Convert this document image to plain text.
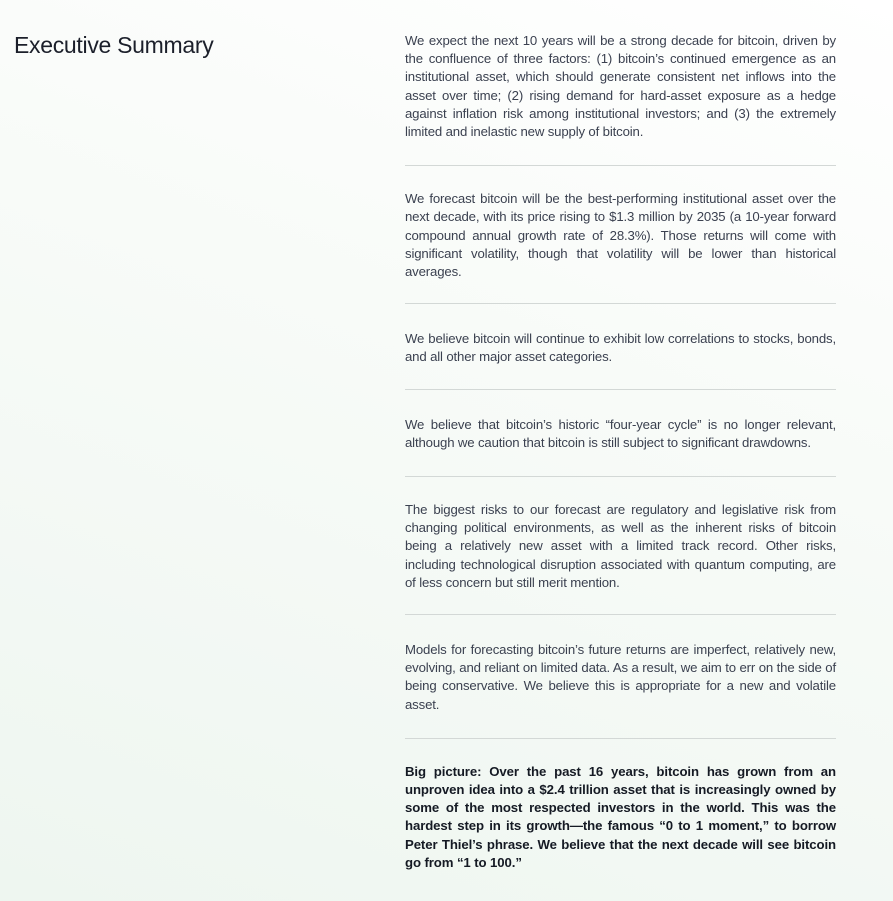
Executive Summary	We expect the next 10 years will be a strong decade for bitcoin, driven by the confluence of three factors: (1) bitcoin’s continued emergence as an institutional asset, which should generate consistent net inflows into the asset over time; (2) rising demand for hard-asset exposure as a hedge against inflation risk among institutional investors; and (3) the extremely limited and inelastic new supply of bitcoin.

We forecast bitcoin will be the best-performing institutional asset over the next decade, with its price rising to $1.3 million by 2035 (a 10-year forward compound annual growth rate of 28.3%). Those returns will come with significant volatility, though that volatility will be lower than historical averages.

We believe bitcoin will continue to exhibit low correlations to stocks, bonds, and all other major asset categories.

We believe that bitcoin’s historic “four-year cycle” is no longer relevant, although we caution that bitcoin is still subject to significant drawdowns.

The biggest risks to our forecast are regulatory and legislative risk from changing political environments, as well as the inherent risks of bitcoin being a relatively new asset with a limited track record. Other risks, including technological disruption associated with quantum computing, are of less concern but still merit mention.

Models for forecasting bitcoin’s future returns are imperfect, relatively new, evolving, and reliant on limited data. As a result, we aim to err on the side of being conservative. We believe this is appropriate for a new and volatile asset.

Big picture: Over the past 16 years, bitcoin has grown from an unproven idea into a $2.4 trillion asset that is increasingly owned by some of the most respected investors in the world. This was the hardest step in its growth—the famous “0 to 1 moment,” to borrow Peter Thiel’s phrase. We believe that the next decade will see bitcoin go from “1 to 100.”
